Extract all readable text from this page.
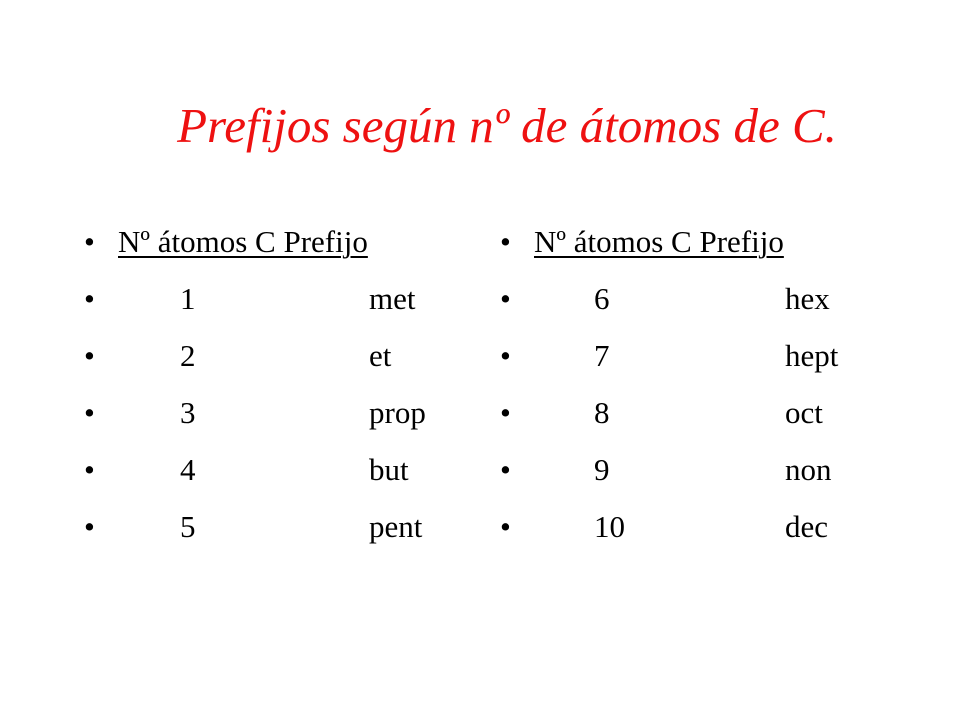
Prefijos según nº de átomos de C.
• Nº átomos C Prefijo
•	1	met
•	2	et
•	3	prop
•	4	but
•	5	pent
• Nº átomos C Prefijo
•	6	hex
•	7	hept
•	8	oct
•	9	non
•	10	dec
